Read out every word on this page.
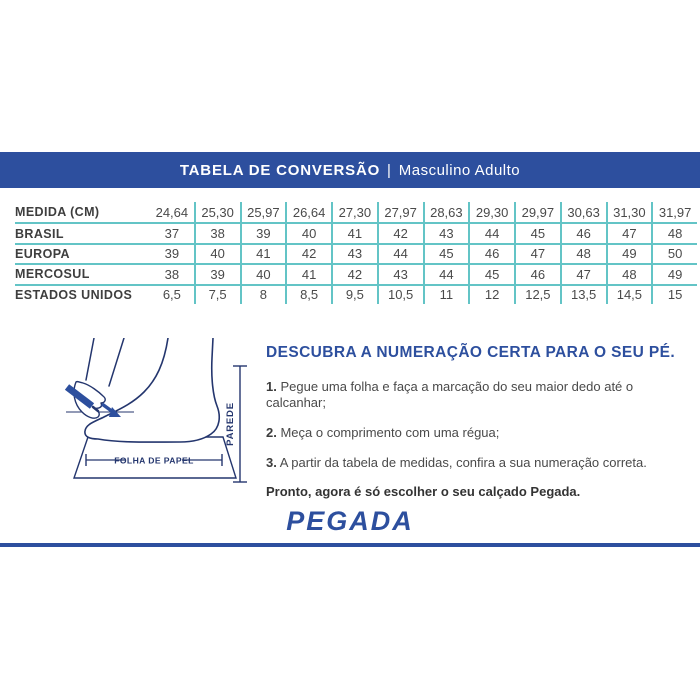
TABELA DE CONVERSÃO | Masculino Adulto
MEDIDA (CM)	24,64	25,30	25,97	26,64	27,30	27,97	28,63	29,30	29,97	30,63	31,30	31,97
BRASIL	37	38	39	40	41	42	43	44	45	46	47	48
EUROPA	39	40	41	42	43	44	45	46	47	48	49	50
MERCOSUL	38	39	40	41	42	43	44	45	46	47	48	49
ESTADOS UNIDOS	6,5	7,5	8	8,5	9,5	10,5	11	12	12,5	13,5	14,5	15
FOLHA DE PAPEL
PAREDE
DESCUBRA A NUMERAÇÃO CERTA PARA O SEU PÉ.

1. Pegue uma folha e faça a marcação do seu maior dedo até o calcanhar;

2. Meça o comprimento com uma régua;

3. A partir da tabela de medidas, confira a sua numeração correta.

Pronto, agora é só escolher o seu calçado Pegada.

PEGADA
